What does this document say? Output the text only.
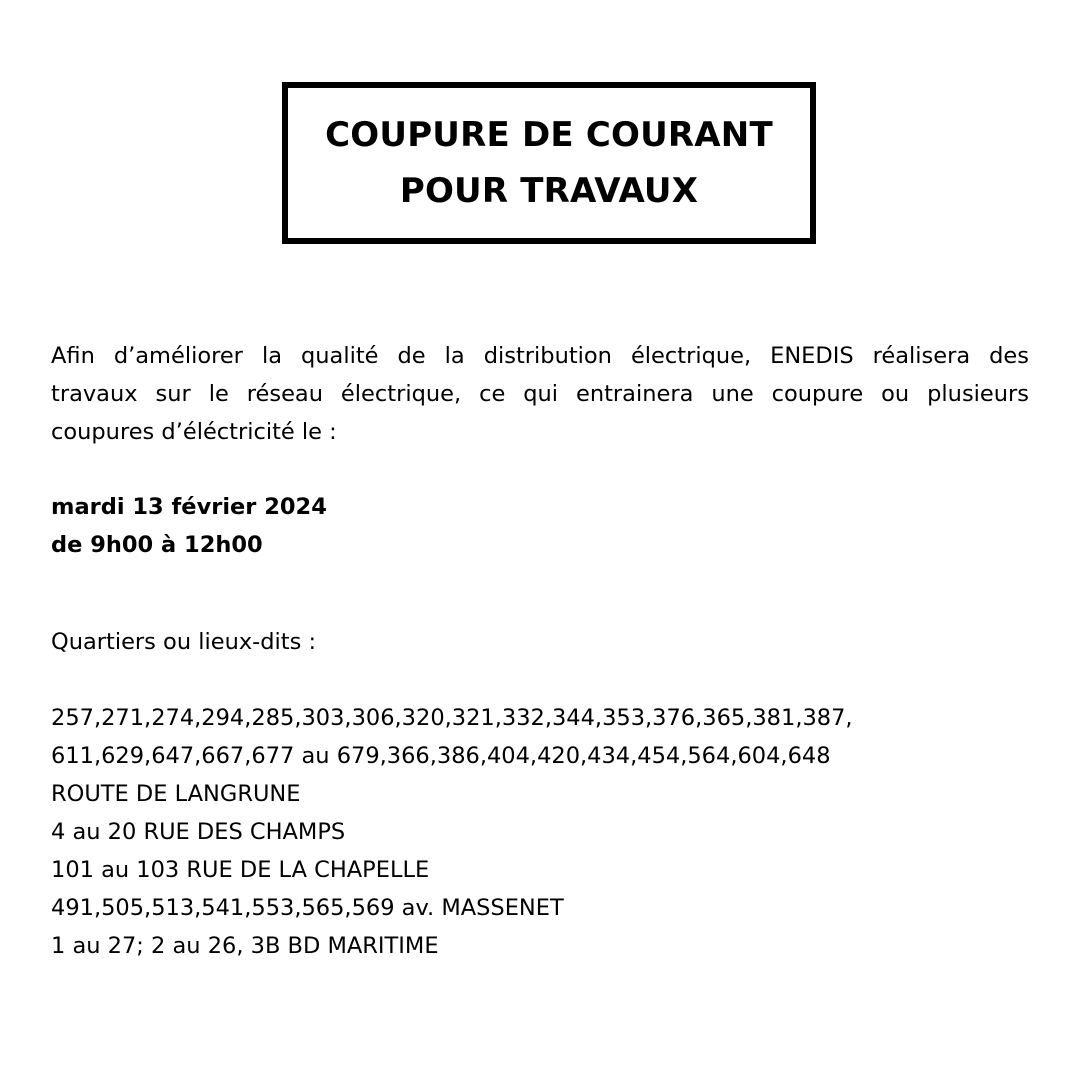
COUPURE DE COURANT
POUR TRAVAUX
Afin d’améliorer la qualité de la distribution électrique, ENEDIS réalisera des
travaux sur le réseau électrique, ce qui entrainera une coupure ou plusieurs
coupures d’éléctricité le :
mardi 13 février 2024
de 9h00 à 12h00
Quartiers ou lieux-dits :
257,271,274,294,285,303,306,320,321,332,344,353,376,365,381,387,
611,629,647,667,677 au 679,366,386,404,420,434,454,564,604,648
ROUTE DE LANGRUNE
4 au 20 RUE DES CHAMPS
101 au 103 RUE DE LA CHAPELLE
491,505,513,541,553,565,569 av. MASSENET
1 au 27; 2 au 26, 3B BD MARITIME
